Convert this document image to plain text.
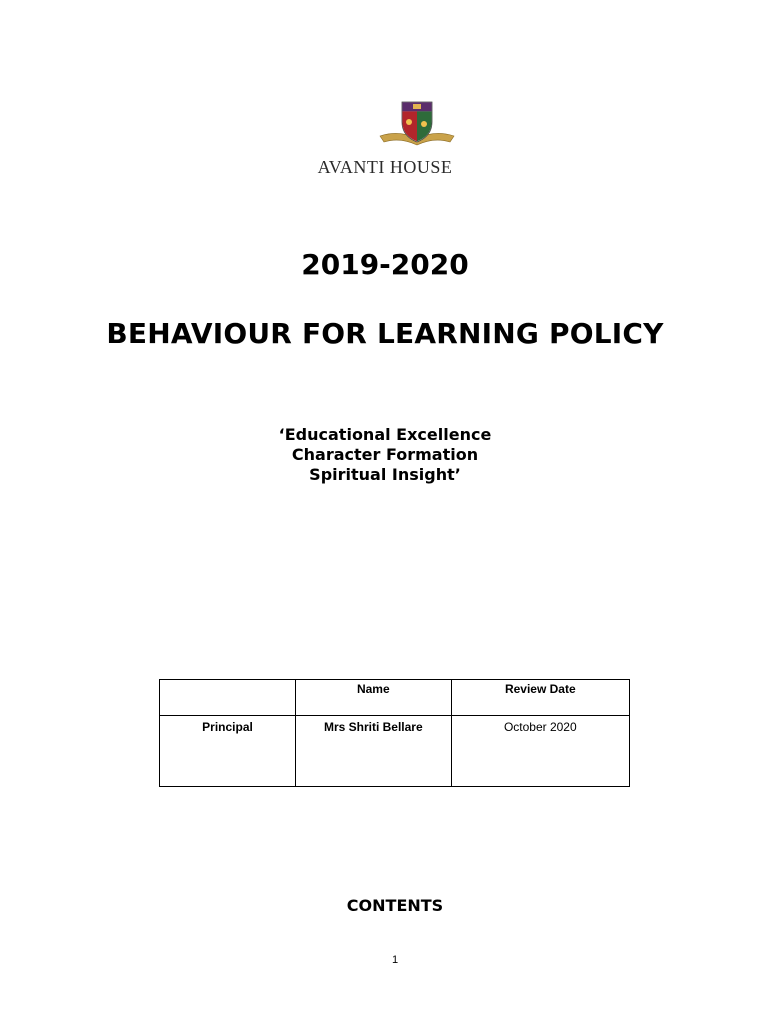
AVANTI HOUSE
2019-2020
BEHAVIOUR FOR LEARNING POLICY
‘Educational Excellence
Character Formation
Spiritual Insight’
	Name	Review Date
Principal	Mrs Shriti Bellare	October 2020
CONTENTS
1
